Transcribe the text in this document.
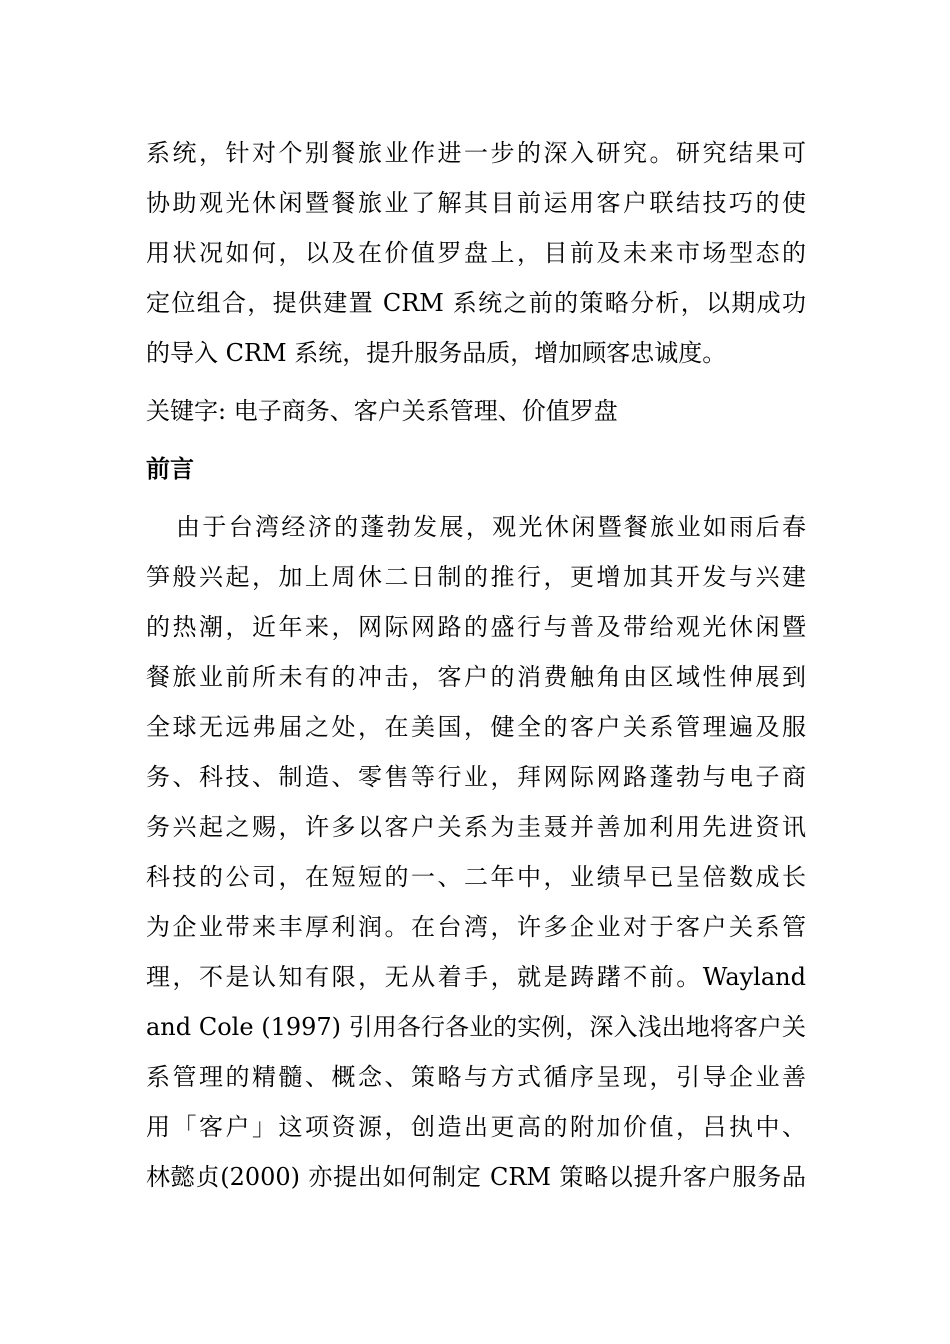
系统，针对个别餐旅业作进一步的深入研究。研究结果可
协助观光休闲暨餐旅业了解其目前运用客户联结技巧的使
用状况如何，以及在价值罗盘上，目前及未来市场型态的
定位组合，提供建置 CRM 系统之前的策略分析，以期成功
的导入 CRM 系统，提升服务品质，增加顾客忠诚度。
关键字: 电子商务、客户关系管理、价值罗盘
前言
由于台湾经济的蓬勃发展，观光休闲暨餐旅业如雨后春
笋般兴起，加上周休二日制的推行，更增加其开发与兴建
的热潮，近年来，网际网路的盛行与普及带给观光休闲暨
餐旅业前所未有的冲击，客户的消费触角由区域性伸展到
全球无远弗届之处，在美国，健全的客户关系管理遍及服
务、科技、制造、零售等行业，拜网际网路蓬勃与电子商
务兴起之赐，许多以客户关系为圭聂并善加利用先进资讯
科技的公司，在短短的一、二年中，业绩早已呈倍数成长
为企业带来丰厚利润。在台湾，许多企业对于客户关系管
理，不是认知有限，无从着手，就是踌躇不前。Wayland
and Cole (1997) 引用各行各业的实例，深入浅出地将客户关
系管理的精髓、概念、策略与方式循序呈现，引导企业善
用「客户」这项资源，创造出更高的附加价值，吕执中、
林懿贞(2000) 亦提出如何制定 CRM 策略以提升客户服务品
